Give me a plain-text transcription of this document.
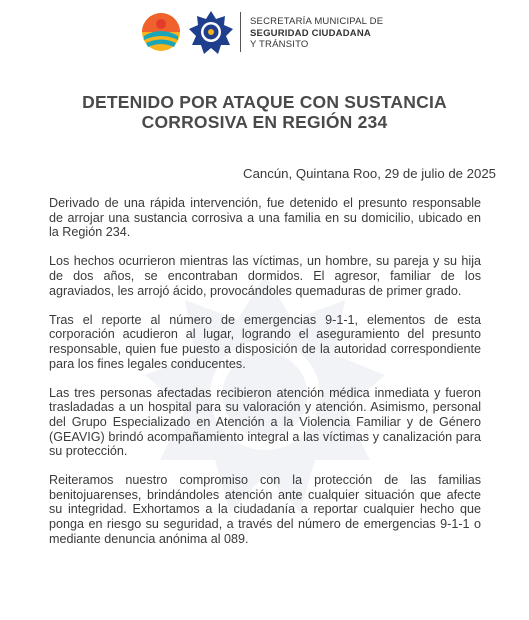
SECRETARÍA MUNICIPAL DE
SEGURIDAD CIUDADANA
Y TRÁNSITO
DETENIDO POR ATAQUE CON SUSTANCIA
CORROSIVA EN REGIÓN 234
Cancún, Quintana Roo, 29 de julio de 2025

Derivado de una rápida intervención, fue detenido el presunto responsable de arrojar una sustancia corrosiva a una familia en su domicilio, ubicado en la Región 234.

Los hechos ocurrieron mientras las víctimas, un hombre, su pareja y su hija de dos años, se encontraban dormidos. El agresor, familiar de los agraviados, les arrojó ácido, provocándoles quemaduras de primer grado.

Tras el reporte al número de emergencias 9-1-1, elementos de esta corporación acudieron al lugar, logrando el aseguramiento del presunto responsable, quien fue puesto a disposición de la autoridad correspondiente para los fines legales conducentes.

Las tres personas afectadas recibieron atención médica inmediata y fueron trasladadas a un hospital para su valoración y atención. Asimismo, personal del Grupo Especializado en Atención a la Violencia Familiar y de Género (GEAVIG) brindó acompañamiento integral a las víctimas y canalización para su protección.

Reiteramos nuestro compromiso con la protección de las familias benitojuarenses, brindándoles atención ante cualquier situación que afecte su integridad. Exhortamos a la ciudadanía a reportar cualquier hecho que ponga en riesgo su seguridad, a través del número de emergencias 9-1-1 o mediante denuncia anónima al 089.
